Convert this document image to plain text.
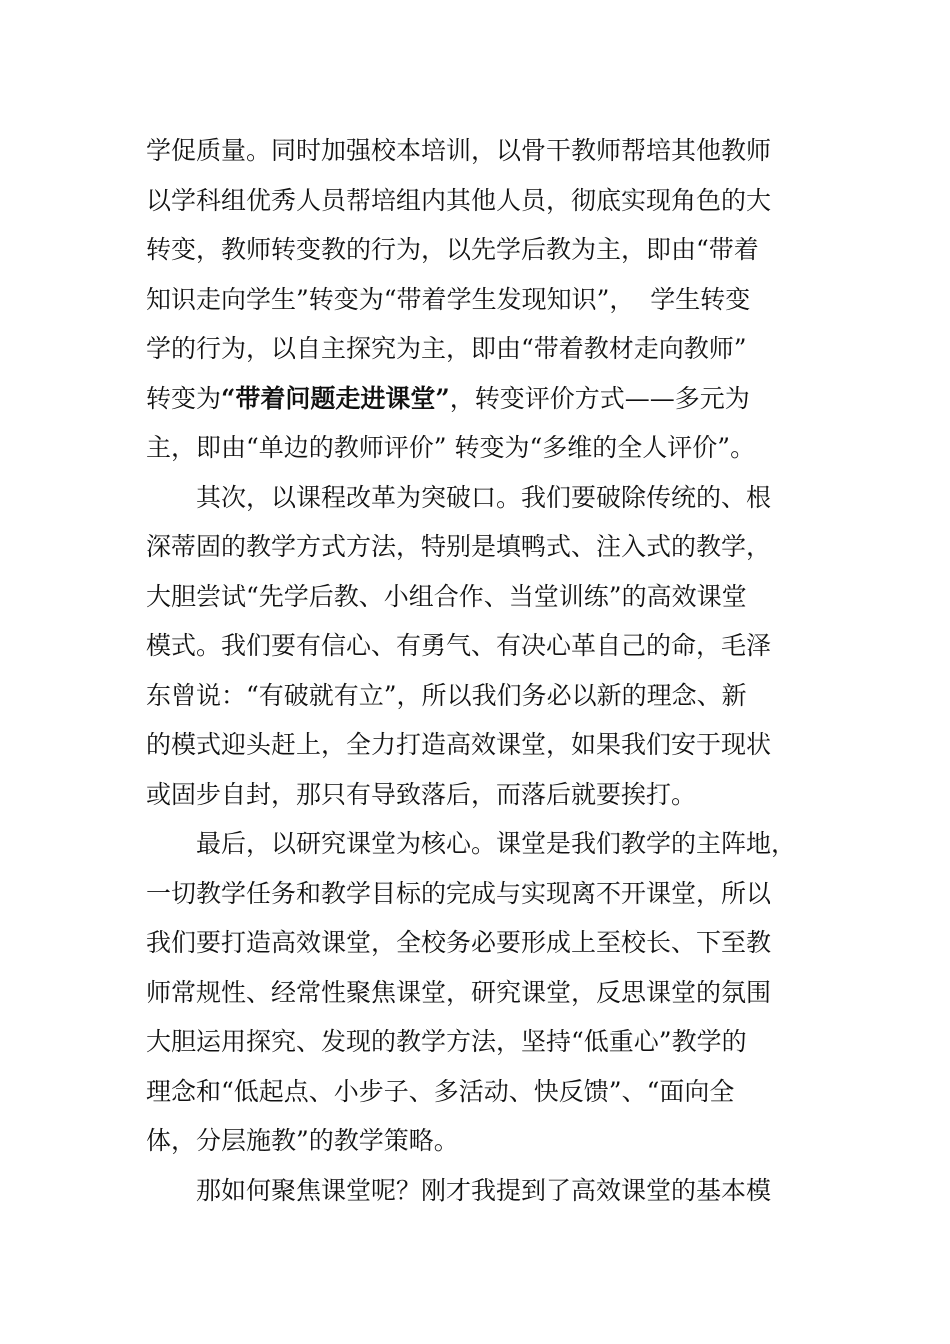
学促质量。同时加强校本培训，以骨干教师帮培其他教师
以学科组优秀人员帮培组内其他人员，彻底实现角色的大
转变，教师转变教的行为，以先学后教为主，即由“带着
知识走向学生”转变为“带着学生发现知识”，  学生转变
学的行为，以自主探究为主，即由“带着教材走向教师”
转变为“带着问题走进课堂”，转变评价方式——多元为
主，即由“单边的教师评价” 转变为“多维的全人评价”。
其次，以课程改革为突破口。我们要破除传统的、根
深蒂固的教学方式方法，特别是填鸭式、注入式的教学，
大胆尝试“先学后教、小组合作、当堂训练”的高效课堂
模式。我们要有信心、有勇气、有决心革自己的命，毛泽
东曾说：“有破就有立”，所以我们务必以新的理念、新
的模式迎头赶上，全力打造高效课堂，如果我们安于现状
或固步自封，那只有导致落后，而落后就要挨打。
最后，以研究课堂为核心。课堂是我们教学的主阵地，
一切教学任务和教学目标的完成与实现离不开课堂，所以
我们要打造高效课堂，全校务必要形成上至校长、下至教
师常规性、经常性聚焦课堂，研究课堂，反思课堂的氛围
大胆运用探究、发现的教学方法，坚持“低重心”教学的
理念和“低起点、小步子、多活动、快反馈”、“面向全
体，分层施教”的教学策略。
那如何聚焦课堂呢？刚才我提到了高效课堂的基本模
